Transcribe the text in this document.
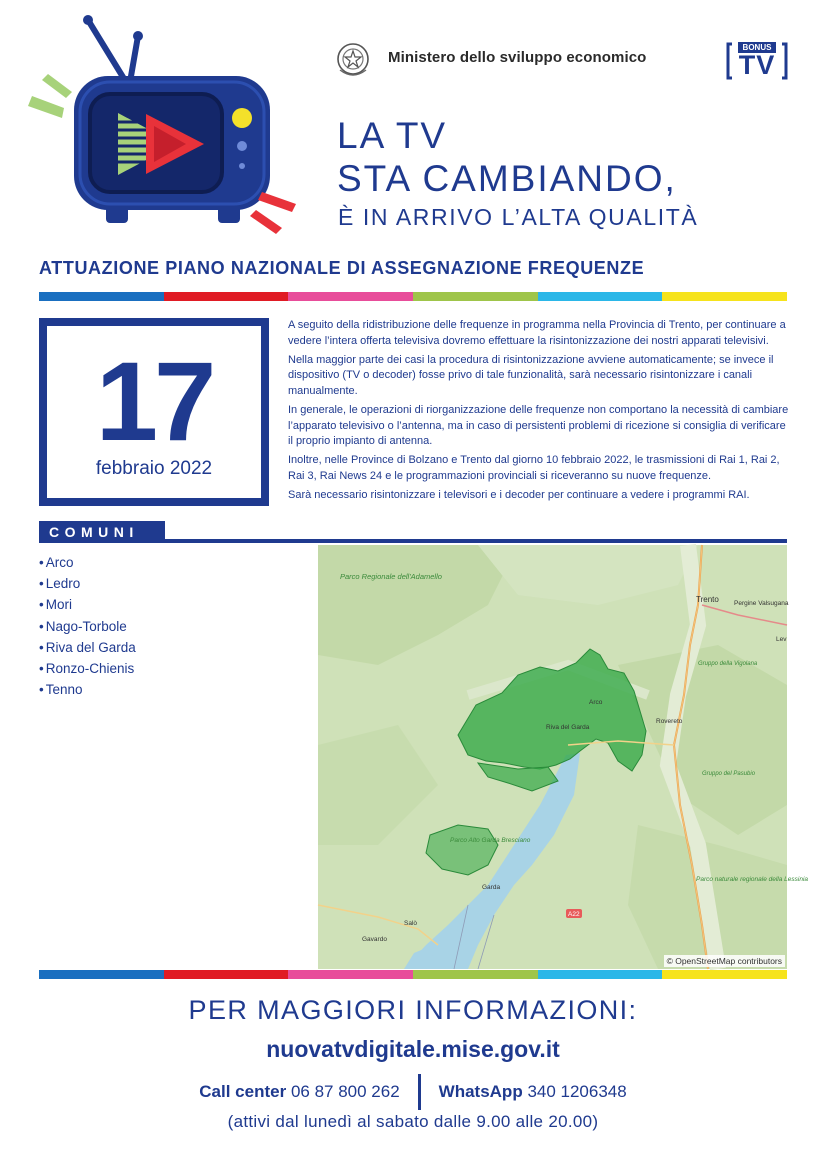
Ministero dello sviluppo economico
BONUS
TV
LA TV
STA CAMBIANDO,
È IN ARRIVO L’ALTA QUALITÀ
ATTUAZIONE PIANO NAZIONALE DI ASSEGNAZIONE FREQUENZE
17
febbraio 2022

A seguito della ridistribuzione delle frequenze in programma nella Provincia di Trento, per continuare a vedere l’intera offerta televisiva dovremo effettuare la risintonizzazione dei nostri apparati televisivi.

Nella maggior parte dei casi la procedura di risintonizzazione avviene automaticamente; se invece il dispositivo (TV o decoder) fosse privo di tale funzionalità, sarà necessario risintonizzare i canali manualmente.

In generale, le operazioni di riorganizzazione delle frequenze non comportano la necessità di cambiare l’apparato televisivo o l’antenna, ma in caso di persistenti problemi di ricezione si consiglia di verificare il proprio impianto di antenna.

Inoltre, nelle Province di Bolzano e Trento dal giorno 10 febbraio 2022, le trasmissioni di Rai 1, Rai 2, Rai 3, Rai News 24 e le programmazioni provinciali si riceveranno su nuove frequenze.

Sarà necessario risintonizzare i televisori e i decoder per continuare a vedere i programmi RAI.

COMUNI
• Arco
• Ledro
• Mori
• Nago-Torbole
• Riva del Garda
• Ronzo-Chienis
• Tenno
Parco Regionale dell'Adamello
Trento Pergine Valsugana
Lev
Arco
Riva del Garda
Rovereto
Gruppo della Vigolana
Gruppo del Pasubio
Parco Alto Garda Bresciano
Garda
Parco naturale regionale della Lessinia
Salò
Gavardo
A22
© OpenStreetMap contributors
PER MAGGIORI INFORMAZIONI:
nuovatvdigitale.mise.gov.it
Call center 06 87 800 262 WhatsApp 340 1206348
(attivi dal lunedì al sabato dalle 9.00 alle 20.00)
